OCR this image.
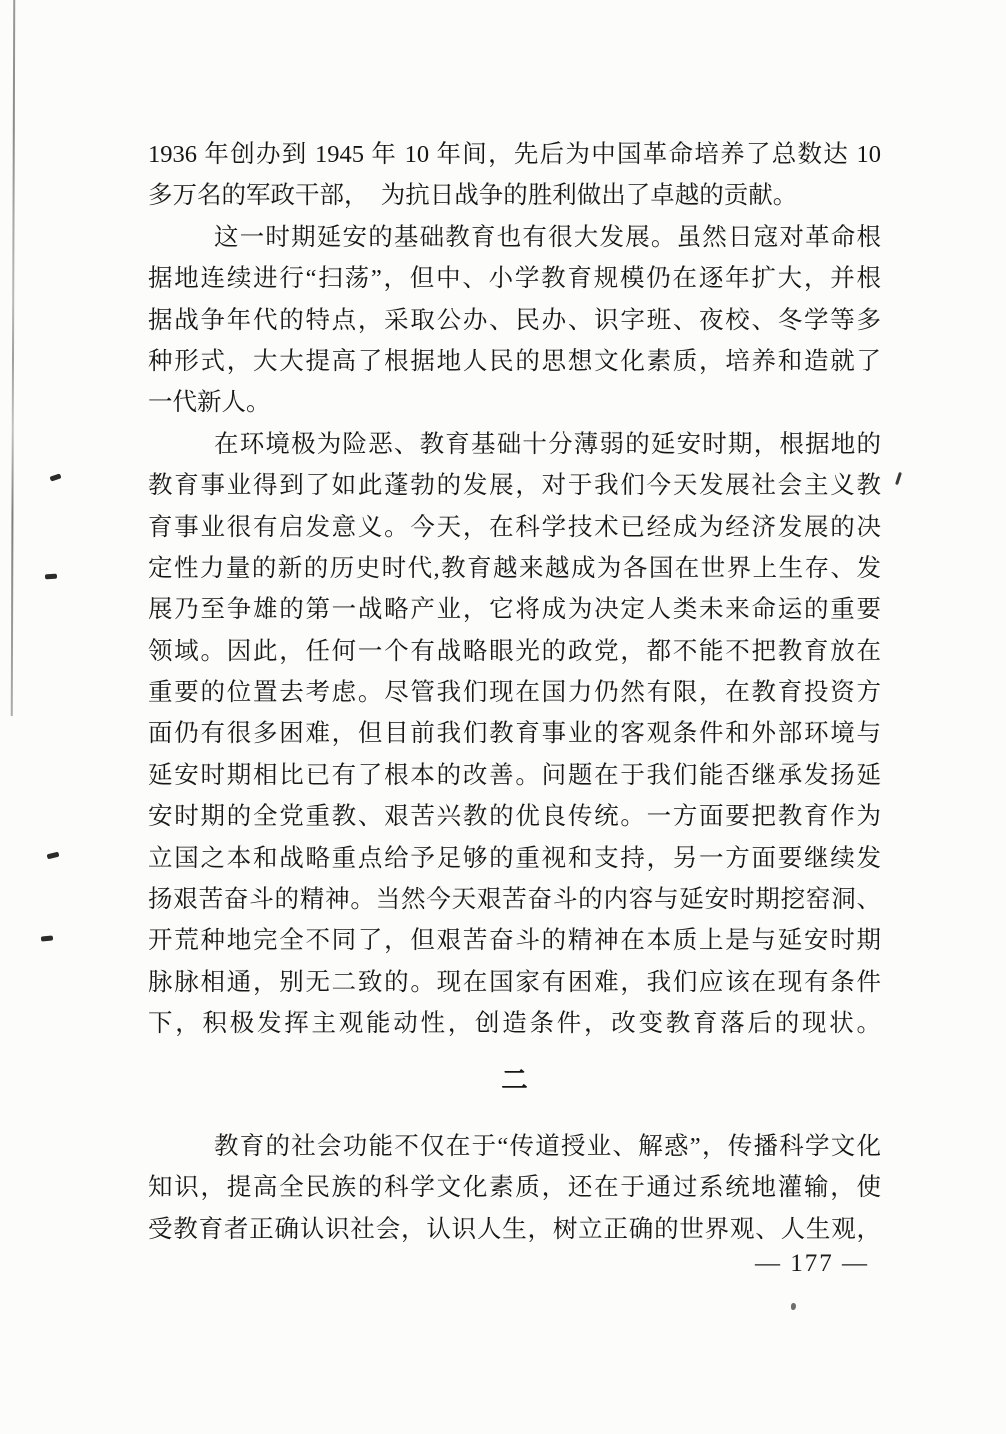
1936 年创办到 1945 年 10 年间，先后为中国革命培养了总数达 10
多万名的军政干部，　为抗日战争的胜利做出了卓越的贡献。
这一时期延安的基础教育也有很大发展。虽然日寇对革命根
据地连续进行“扫荡”，但中、小学教育规模仍在逐年扩大，并根
据战争年代的特点，采取公办、民办、识字班、夜校、冬学等多
种形式，大大提高了根据地人民的思想文化素质，培养和造就了
一代新人。
在环境极为险恶、教育基础十分薄弱的延安时期，根据地的
教育事业得到了如此蓬勃的发展，对于我们今天发展社会主义教
育事业很有启发意义。今天，在科学技术已经成为经济发展的决
定性力量的新的历史时代,教育越来越成为各国在世界上生存、发
展乃至争雄的第一战略产业，它将成为决定人类未来命运的重要
领域。因此，任何一个有战略眼光的政党，都不能不把教育放在
重要的位置去考虑。尽管我们现在国力仍然有限，在教育投资方
面仍有很多困难，但目前我们教育事业的客观条件和外部环境与
延安时期相比已有了根本的改善。问题在于我们能否继承发扬延
安时期的全党重教、艰苦兴教的优良传统。一方面要把教育作为
立国之本和战略重点给予足够的重视和支持，另一方面要继续发
扬艰苦奋斗的精神。当然今天艰苦奋斗的内容与延安时期挖窑洞、
开荒种地完全不同了，但艰苦奋斗的精神在本质上是与延安时期
脉脉相通，别无二致的。现在国家有困难，我们应该在现有条件
下，积极发挥主观能动性，创造条件，改变教育落后的现状。
二
教育的社会功能不仅在于“传道授业、解惑”，传播科学文化
知识，提高全民族的科学文化素质，还在于通过系统地灌输，使
受教育者正确认识社会，认识人生，树立正确的世界观、人生观，
— 177 —
